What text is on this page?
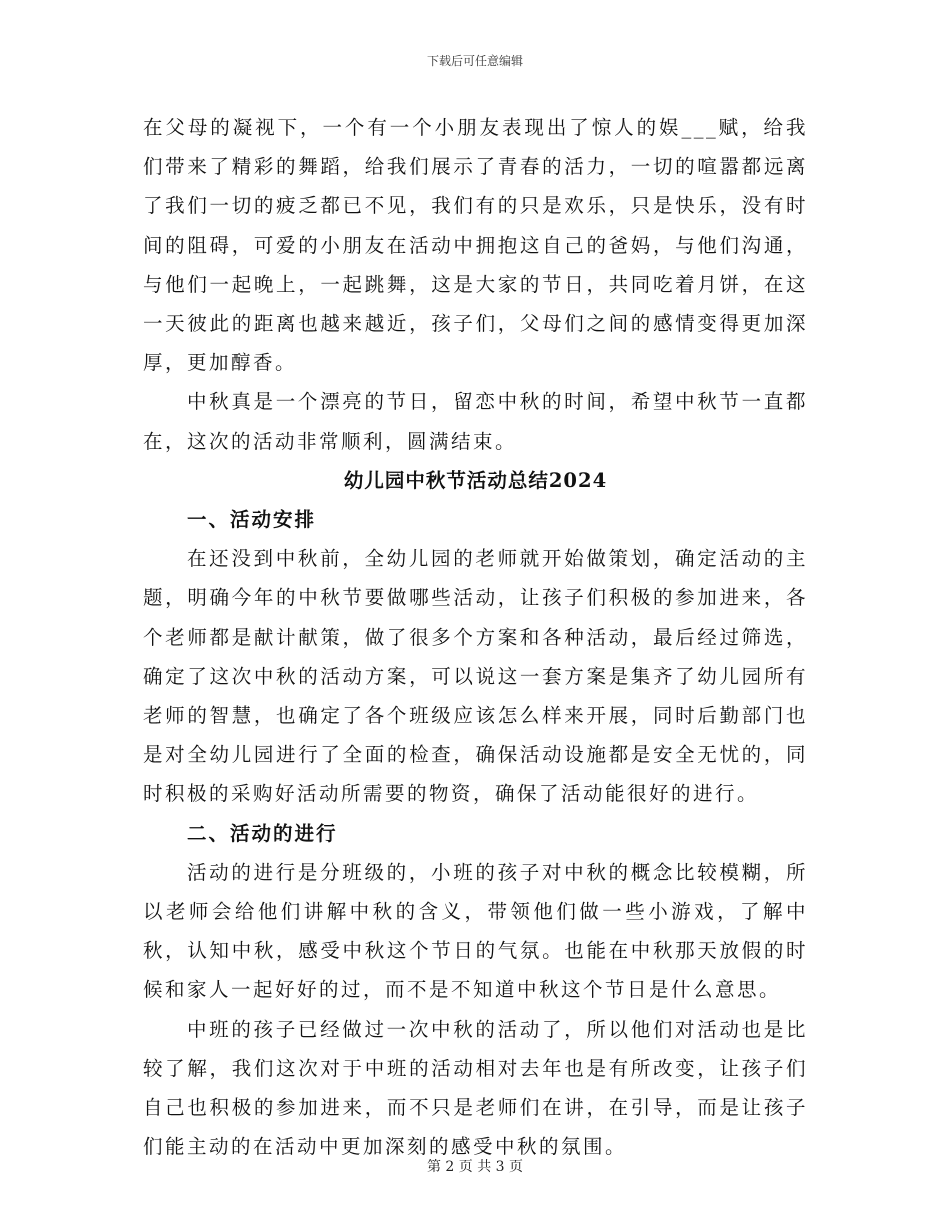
下载后可任意编辑

在父母的凝视下，一个有一个小朋友表现出了惊人的娱___赋，给我们带来了精彩的舞蹈，给我们展示了青春的活力，一切的喧嚣都远离了我们一切的疲乏都已不见，我们有的只是欢乐，只是快乐，没有时间的阻碍，可爱的小朋友在活动中拥抱这自己的爸妈，与他们沟通，与他们一起晚上，一起跳舞，这是大家的节日，共同吃着月饼，在这一天彼此的距离也越来越近，孩子们，父母们之间的感情变得更加深厚，更加醇香。

中秋真是一个漂亮的节日，留恋中秋的时间，希望中秋节一直都在，这次的活动非常顺利，圆满结束。

幼儿园中秋节活动总结2024

一、活动安排

在还没到中秋前，全幼儿园的老师就开始做策划，确定活动的主题，明确今年的中秋节要做哪些活动，让孩子们积极的参加进来，各个老师都是献计献策，做了很多个方案和各种活动，最后经过筛选，确定了这次中秋的活动方案，可以说这一套方案是集齐了幼儿园所有老师的智慧，也确定了各个班级应该怎么样来开展，同时后勤部门也是对全幼儿园进行了全面的检查，确保活动设施都是安全无忧的，同时积极的采购好活动所需要的物资，确保了活动能很好的进行。

二、活动的进行

活动的进行是分班级的，小班的孩子对中秋的概念比较模糊，所以老师会给他们讲解中秋的含义，带领他们做一些小游戏，了解中秋，认知中秋，感受中秋这个节日的气氛。也能在中秋那天放假的时候和家人一起好好的过，而不是不知道中秋这个节日是什么意思。

中班的孩子已经做过一次中秋的活动了，所以他们对活动也是比较了解，我们这次对于中班的活动相对去年也是有所改变，让孩子们自己也积极的参加进来，而不只是老师们在讲，在引导，而是让孩子们能主动的在活动中更加深刻的感受中秋的氛围。

第 2 页 共 3 页
